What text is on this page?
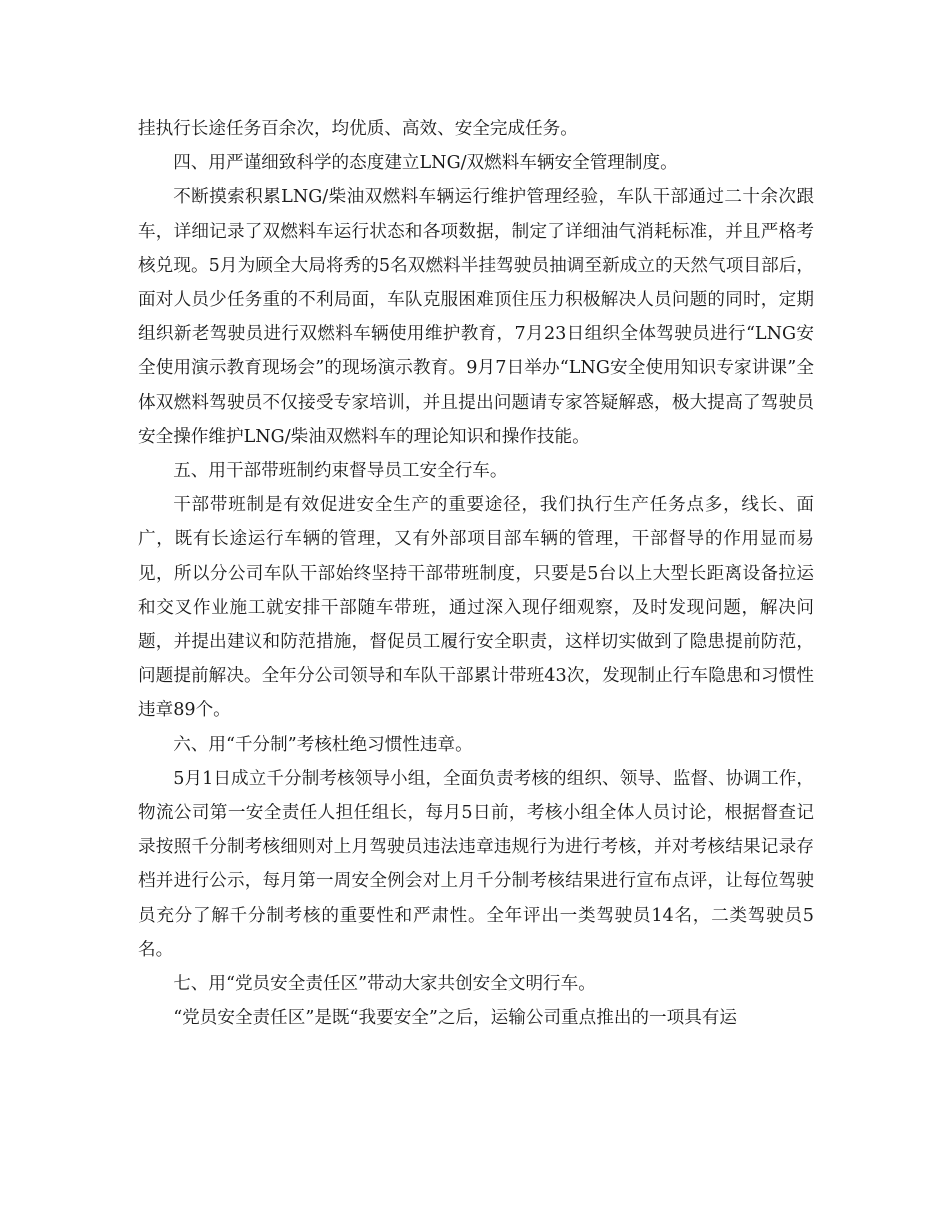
挂执行长途任务百余次，均优质、高效、安全完成任务。

四、用严谨细致科学的态度建立LNG/双燃料车辆安全管理制度。

不断摸索积累LNG/柴油双燃料车辆运行维护管理经验，车队干部通过二十余次跟车，详细记录了双燃料车运行状态和各项数据，制定了详细油气消耗标准，并且严格考核兑现。5月为顾全大局将秀的5名双燃料半挂驾驶员抽调至新成立的天然气项目部后，面对人员少任务重的不利局面，车队克服困难顶住压力积极解决人员问题的同时，定期组织新老驾驶员进行双燃料车辆使用维护教育，7月23日组织全体驾驶员进行“LNG安全使用演示教育现场会”的现场演示教育。9月7日举办“LNG安全使用知识专家讲课”全体双燃料驾驶员不仅接受专家培训，并且提出问题请专家答疑解惑，极大提高了驾驶员安全操作维护LNG/柴油双燃料车的理论知识和操作技能。

五、用干部带班制约束督导员工安全行车。

干部带班制是有效促进安全生产的重要途径，我们执行生产任务点多，线长、面广，既有长途运行车辆的管理，又有外部项目部车辆的管理，干部督导的作用显而易见，所以分公司车队干部始终坚持干部带班制度，只要是5台以上大型长距离设备拉运和交叉作业施工就安排干部随车带班，通过深入现仔细观察，及时发现问题，解决问题，并提出建议和防范措施，督促员工履行安全职责，这样切实做到了隐患提前防范，问题提前解决。全年分公司领导和车队干部累计带班43次，发现制止行车隐患和习惯性违章89个。

六、用“千分制”考核杜绝习惯性违章。

5月1日成立千分制考核领导小组，全面负责考核的组织、领导、监督、协调工作，物流公司第一安全责任人担任组长，每月5日前，考核小组全体人员讨论，根据督查记录按照千分制考核细则对上月驾驶员违法违章违规行为进行考核，并对考核结果记录存档并进行公示，每月第一周安全例会对上月千分制考核结果进行宣布点评，让每位驾驶员充分了解千分制考核的重要性和严肃性。全年评出一类驾驶员14名，二类驾驶员5名。

七、用“党员安全责任区”带动大家共创安全文明行车。

“党员安全责任区”是既“我要安全”之后，运输公司重点推出的一项具有运
